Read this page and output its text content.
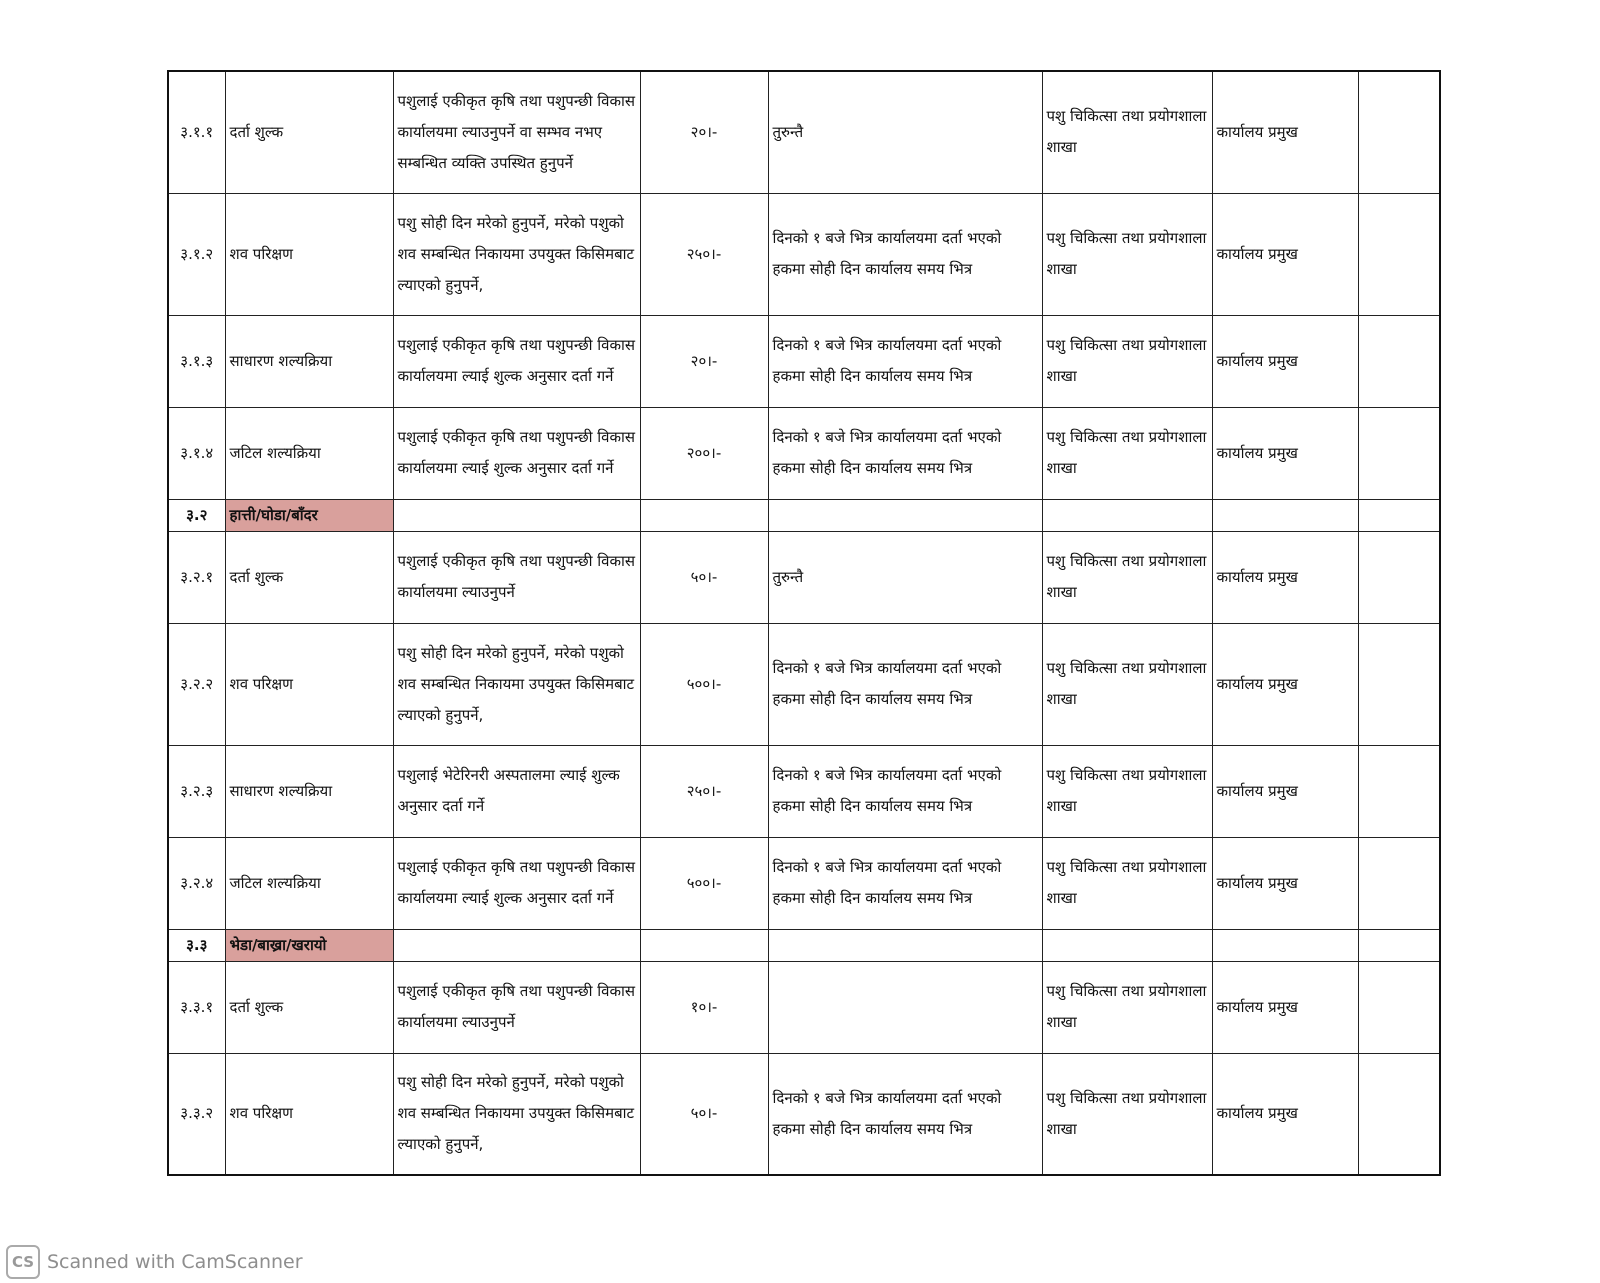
३.१.१	दर्ता शुल्क	पशुलाई एकीकृत कृषि तथा पशुपन्छी विकास कार्यालयमा ल्याउनुपर्ने वा सम्भव नभए सम्बन्धित व्यक्ति उपस्थित हुनुपर्ने	२०।-	तुरुन्तै	पशु चिकित्सा तथा प्रयोगशाला शाखा	कार्यालय प्रमुख	
३.१.२	शव परिक्षण	पशु सोही दिन मरेको हुनुपर्ने, मरेको पशुको शव सम्बन्धित निकायमा उपयुक्त किसिमबाट ल्याएको हुनुपर्ने,	२५०।-	दिनको १ बजे भित्र कार्यालयमा दर्ता भएको हकमा सोही दिन कार्यालय समय भित्र	पशु चिकित्सा तथा प्रयोगशाला शाखा	कार्यालय प्रमुख	
३.१.३	साधारण शल्यक्रिया	पशुलाई एकीकृत कृषि तथा पशुपन्छी विकास कार्यालयमा ल्याई शुल्क अनुसार दर्ता गर्ने	२०।-	दिनको १ बजे भित्र कार्यालयमा दर्ता भएको हकमा सोही दिन कार्यालय समय भित्र	पशु चिकित्सा तथा प्रयोगशाला शाखा	कार्यालय प्रमुख	
३.१.४	जटिल शल्यक्रिया	पशुलाई एकीकृत कृषि तथा पशुपन्छी विकास कार्यालयमा ल्याई शुल्क अनुसार दर्ता गर्ने	२००।-	दिनको १ बजे भित्र कार्यालयमा दर्ता भएको हकमा सोही दिन कार्यालय समय भित्र	पशु चिकित्सा तथा प्रयोगशाला शाखा	कार्यालय प्रमुख	
३.२	हात्ती/घोडा/बाँदर						
३.२.१	दर्ता शुल्क	पशुलाई एकीकृत कृषि तथा पशुपन्छी विकास कार्यालयमा ल्याउनुपर्ने	५०।-	तुरुन्तै	पशु चिकित्सा तथा प्रयोगशाला शाखा	कार्यालय प्रमुख	
३.२.२	शव परिक्षण	पशु सोही दिन मरेको हुनुपर्ने, मरेको पशुको शव सम्बन्धित निकायमा उपयुक्त किसिमबाट ल्याएको हुनुपर्ने,	५००।-	दिनको १ बजे भित्र कार्यालयमा दर्ता भएको हकमा सोही दिन कार्यालय समय भित्र	पशु चिकित्सा तथा प्रयोगशाला शाखा	कार्यालय प्रमुख	
३.२.३	साधारण शल्यक्रिया	पशुलाई भेटेरिनरी अस्पतालमा ल्याई शुल्क अनुसार दर्ता गर्ने	२५०।-	दिनको १ बजे भित्र कार्यालयमा दर्ता भएको हकमा सोही दिन कार्यालय समय भित्र	पशु चिकित्सा तथा प्रयोगशाला शाखा	कार्यालय प्रमुख	
३.२.४	जटिल शल्यक्रिया	पशुलाई एकीकृत कृषि तथा पशुपन्छी विकास कार्यालयमा ल्याई शुल्क अनुसार दर्ता गर्ने	५००।-	दिनको १ बजे भित्र कार्यालयमा दर्ता भएको हकमा सोही दिन कार्यालय समय भित्र	पशु चिकित्सा तथा प्रयोगशाला शाखा	कार्यालय प्रमुख	
३.३	भेडा/बाख्रा/खरायो						
३.३.१	दर्ता शुल्क	पशुलाई एकीकृत कृषि तथा पशुपन्छी विकास कार्यालयमा ल्याउनुपर्ने	१०।-		पशु चिकित्सा तथा प्रयोगशाला शाखा	कार्यालय प्रमुख	
३.३.२	शव परिक्षण	पशु सोही दिन मरेको हुनुपर्ने, मरेको पशुको शव सम्बन्धित निकायमा उपयुक्त किसिमबाट ल्याएको हुनुपर्ने,	५०।-	दिनको १ बजे भित्र कार्यालयमा दर्ता भएको हकमा सोही दिन कार्यालय समय भित्र	पशु चिकित्सा तथा प्रयोगशाला शाखा	कार्यालय प्रमुख	
CS Scanned with CamScanner
